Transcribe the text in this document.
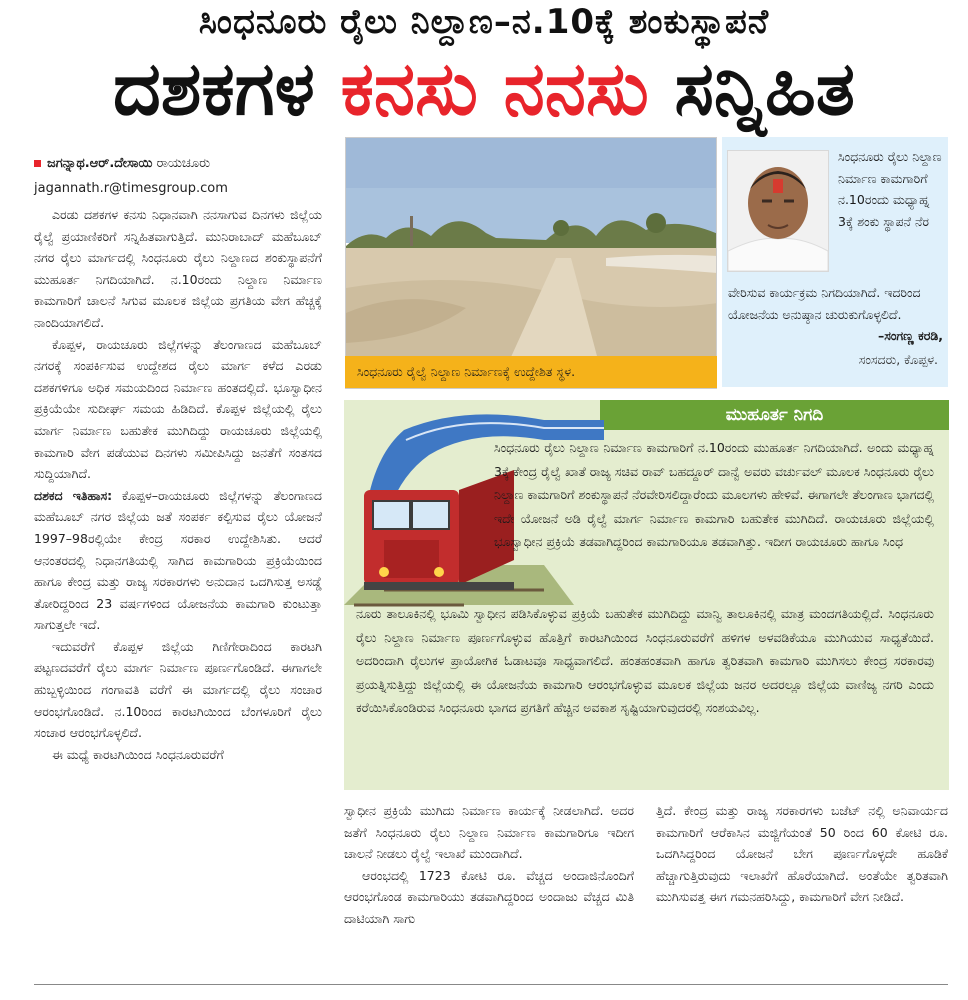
ಸಿಂಧನೂರು ರೈಲು ನಿಲ್ದಾಣ–ನ.10ಕ್ಕೆ ಶಂಕುಸ್ಥಾಪನೆ
ದಶಕಗಳ ಕನಸು ನನಸು ಸನ್ನಿಹಿತ
ಜಗನ್ನಾಥ.ಆರ್.ದೇಸಾಯಿ ರಾಯಚೂರು
jagannath.r@timesgroup.com

ಎರಡು ದಶಕಗಳ ಕನಸು ನಿಧಾನವಾಗಿ ನನಸಾಗುವ ದಿನಗಳು ಜಿಲ್ಲೆಯ ರೈಲ್ವೆ ಪ್ರಯಾಣಿಕರಿಗೆ ಸನ್ನಿಹಿತವಾಗುತ್ತಿದೆ. ಮುನಿರಾಬಾದ್ ಮಹೆಬೂಬ್ ನಗರ ರೈಲು ಮಾರ್ಗದಲ್ಲಿ ಸಿಂಧನೂರು ರೈಲು ನಿಲ್ದಾಣದ ಶಂಕುಸ್ಥಾಪನೆಗೆ ಮುಹೂರ್ತ ನಿಗದಿಯಾಗಿದೆ. ನ.10ರಂದು ನಿಲ್ದಾಣ ನಿರ್ಮಾಣ ಕಾಮಗಾರಿಗೆ ಚಾಲನೆ ಸಿಗುವ ಮೂಲಕ ಜಿಲ್ಲೆಯ ಪ್ರಗತಿಯ ವೇಗ ಹೆಚ್ಚಕ್ಕೆ ನಾಂದಿಯಾಗಲಿದೆ.

ಕೊಪ್ಪಳ, ರಾಯಚೂರು ಜಿಲ್ಲೆಗಳನ್ನು ತೆಲಂಗಾಣದ ಮಹೆಬೂಬ್ ನಗರಕ್ಕೆ ಸಂಪರ್ಕಿಸುವ ಉದ್ದೇಶದ ರೈಲು ಮಾರ್ಗ ಕಳೆದ ಎರಡು ದಶಕಗಳಿಗೂ ಅಧಿಕ ಸಮಯದಿಂದ ನಿರ್ಮಾಣ ಹಂತದಲ್ಲಿದೆ. ಭೂಸ್ವಾಧೀನ ಪ್ರಕ್ರಿಯೆಯೇ ಸುದೀರ್ಘ ಸಮಯ ಹಿಡಿದಿದೆ. ಕೊಪ್ಪಳ ಜಿಲ್ಲೆಯಲ್ಲಿ ರೈಲು ಮಾರ್ಗ ನಿರ್ಮಾಣ ಬಹುತೇಕ ಮುಗಿದಿದ್ದು ರಾಯಚೂರು ಜಿಲ್ಲೆಯಲ್ಲಿ ಕಾಮಗಾರಿ ವೇಗ ಪಡೆಯುವ ದಿನಗಳು ಸಮೀಪಿಸಿದ್ದು ಜನತೆಗೆ ಸಂತಸದ ಸುದ್ದಿಯಾಗಿದೆ.

ದಶಕದ ಇತಿಹಾಸ: ಕೊಪ್ಪಳ–ರಾಯಚೂರು ಜಿಲ್ಲೆಗಳನ್ನು ತೆಲಂಗಾಣದ ಮಹೆಬೂಬ್ ನಗರ ಜಿಲ್ಲೆಯ ಜತೆ ಸಂಪರ್ಕ ಕಲ್ಪಿಸುವ ರೈಲು ಯೋಜನೆ 1997–98ರಲ್ಲಿಯೇ ಕೇಂದ್ರ ಸರಕಾರ ಉದ್ದೇಶಿಸಿತು. ಆದರೆ ಆನಂತರದಲ್ಲಿ ನಿಧಾನಗತಿಯಲ್ಲಿ ಸಾಗಿದ ಕಾಮಗಾರಿಯ ಪ್ರಕ್ರಿಯೆಯಿಂದ ಹಾಗೂ ಕೇಂದ್ರ ಮತ್ತು ರಾಜ್ಯ ಸರಕಾರಗಳು ಅನುದಾನ ಒದಗಿಸುತ್ತ ಅಸಡ್ಡೆ ತೋರಿದ್ದರಿಂದ 23 ವರ್ಷಗಳಿಂದ ಯೋಜನೆಯ ಕಾಮಗಾರಿ ಕುಂಟುತ್ತಾ ಸಾಗುತ್ತಲೇ ಇದೆ.

ಇದುವರೆಗೆ ಕೊಪ್ಪಳ ಜಿಲ್ಲೆಯ ಗಿಣಿಗೇರಾದಿಂದ ಕಾರಟಗಿ ಪಟ್ಟಣದವರೆಗೆ ರೈಲು ಮಾರ್ಗ ನಿರ್ಮಾಣ ಪೂರ್ಣಗೊಂಡಿದೆ. ಈಗಾಗಲೇ ಹುಬ್ಬಳ್ಳಿಯಿಂದ ಗಂಗಾವತಿ ವರೆಗೆ ಈ ಮಾರ್ಗದಲ್ಲಿ ರೈಲು ಸಂಚಾರ ಆರಂಭಗೊಂಡಿದೆ. ನ.10ರಿಂದ ಕಾರಟಗಿಯಿಂದ ಬೆಂಗಳೂರಿಗೆ ರೈಲು ಸಂಚಾರ ಆರಂಭಗೊಳ್ಳಲಿದೆ.

ಈ ಮಧ್ಯೆ ಕಾರಟಗಿಯಿಂದ ಸಿಂಧನೂರುವರೆಗೆ

ಸಿಂಧನೂರು ರೈಲ್ವೆ ನಿಲ್ದಾಣ ನಿರ್ಮಾಣಕ್ಕೆ ಉದ್ದೇಶಿತ ಸ್ಥಳ.
ಸಿಂಧನೂರು ರೈಲು ನಿಲ್ದಾಣ ನಿರ್ಮಾಣ ಕಾಮಗಾರಿಗೆ ನ.10ರಂದು ಮಧ್ಯಾಹ್ನ 3ಕ್ಕೆ ಶಂಕು ಸ್ಥಾಪನೆ ನೆರ
ವೇರಿಸುವ ಕಾರ್ಯಕ್ರಮ ನಿಗದಿಯಾಗಿದೆ. ಇದರಿಂದ ಯೋಜನೆಯ ಅನುಷ್ಠಾನ ಚುರುಕುಗೊಳ್ಳಲಿದೆ.
–ಸಂಗಣ್ಣ ಕರಡಿ,
ಸಂಸದರು, ಕೊಪ್ಪಳ.
ಮುಹೂರ್ತ ನಿಗದಿ
ಸಿಂಧನೂರು ರೈಲು ನಿಲ್ದಾಣ ನಿರ್ಮಾಣ ಕಾಮಗಾರಿಗೆ ನ.10ರಂದು ಮುಹೂರ್ತ ನಿಗದಿಯಾಗಿದೆ. ಅಂದು ಮಧ್ಯಾಹ್ನ 3ಕ್ಕೆ ಕೇಂದ್ರ ರೈಲ್ವೆ ಖಾತೆ ರಾಜ್ಯ ಸಚಿವ ರಾವ್ ಬಹದ್ದೂರ್ ದಾನ್ವೆ ಅವರು ವರ್ಚುವಲ್ ಮೂಲಕ ಸಿಂಧನೂರು ರೈಲು ನಿಲ್ದಾಣ ಕಾಮಗಾರಿಗೆ ಶಂಕುಸ್ಥಾಪನೆ ನೆರವೇರಿಸಲಿದ್ದಾರೆಂದು ಮೂಲಗಳು ಹೇಳಿವೆ. ಈಗಾಗಲೇ ತೆಲಂಗಾಣ ಭಾಗದಲ್ಲಿ ಇದೇ ಯೋಜನೆ ಅಡಿ ರೈಲ್ವೆ ಮಾರ್ಗ ನಿರ್ಮಾಣ ಕಾಮಗಾರಿ ಬಹುತೇಕ ಮುಗಿದಿದೆ. ರಾಯಚೂರು ಜಿಲ್ಲೆಯಲ್ಲಿ ಭೂಸ್ವಾಧೀನ ಪ್ರಕ್ರಿಯೆ ತಡವಾಗಿದ್ದರಿಂದ ಕಾಮಗಾರಿಯೂ ತಡವಾಗಿತ್ತು. ಇದೀಗ ರಾಯಚೂರು ಹಾಗೂ ಸಿಂಧ
ನೂರು ತಾಲೂಕಿನಲ್ಲಿ ಭೂಮಿ ಸ್ವಾಧೀನ ಪಡಿಸಿಕೊಳ್ಳುವ ಪ್ರಕ್ರಿಯೆ ಬಹುತೇಕ ಮುಗಿದಿದ್ದು ಮಾನ್ವಿ ತಾಲೂಕಿನಲ್ಲಿ ಮಾತ್ರ ಮಂದಗತಿಯಲ್ಲಿದೆ. ಸಿಂಧನೂರು ರೈಲು ನಿಲ್ದಾಣ ನಿರ್ಮಾಣ ಪೂರ್ಣಗೊಳ್ಳುವ ಹೊತ್ತಿಗೆ ಕಾರಟಗಿಯಿಂದ ಸಿಂಧನೂರುವರೆಗೆ ಹಳಿಗಳ ಅಳವಡಿಕೆಯೂ ಮುಗಿಯುವ ಸಾಧ್ಯತೆಯಿದೆ. ಅದರಿಂದಾಗಿ ರೈಲುಗಳ ಪ್ರಾಯೋಗಿಕ ಓಡಾಟವೂ ಸಾಧ್ಯವಾಗಲಿದೆ. ಹಂತಹಂತವಾಗಿ ಹಾಗೂ ತ್ವರಿತವಾಗಿ ಕಾಮಗಾರಿ ಮುಗಿಸಲು ಕೇಂದ್ರ ಸರಕಾರವು ಪ್ರಯತ್ನಿಸುತ್ತಿದ್ದು ಜಿಲ್ಲೆಯಲ್ಲಿ ಈ ಯೋಜನೆಯ ಕಾಮಗಾರಿ ಆರಂಭಗೊಳ್ಳುವ ಮೂಲಕ ಜಿಲ್ಲೆಯ ಜನರ ಅದರಲ್ಲೂ ಜಿಲ್ಲೆಯ ವಾಣಿಜ್ಯ ನಗರಿ ಎಂದು ಕರೆಯಿಸಿಕೊಂಡಿರುವ ಸಿಂಧನೂರು ಭಾಗದ ಪ್ರಗತಿಗೆ ಹೆಚ್ಚಿನ ಅವಕಾಶ ಸೃಷ್ಟಿಯಾಗುವುದರಲ್ಲಿ ಸಂಶಯವಿಲ್ಲ.

ಸ್ವಾಧೀನ ಪ್ರಕ್ರಿಯೆ ಮುಗಿದು ನಿರ್ಮಾಣ ಕಾರ್ಯಕ್ಕೆ ನೀಡಲಾಗಿದೆ. ಅದರ ಜತೆಗೆ ಸಿಂಧನೂರು ರೈಲು ನಿಲ್ದಾಣ ನಿರ್ಮಾಣ ಕಾಮಗಾರಿಗೂ ಇದೀಗ ಚಾಲನೆ ನೀಡಲು ರೈಲ್ವೆ ಇಲಾಖೆ ಮುಂದಾಗಿದೆ.

ಆರಂಭದಲ್ಲಿ 1723 ಕೋಟಿ ರೂ. ವೆಚ್ಚದ ಅಂದಾಜಿನೊಂದಿಗೆ ಆರಂಭಗೊಂಡ ಕಾಮಗಾರಿಯು ತಡವಾಗಿದ್ದರಿಂದ ಅಂದಾಜು ವೆಚ್ಚದ ಮಿತಿ ದಾಟಿಯಾಗಿ ಸಾಗು

ತ್ತಿದೆ. ಕೇಂದ್ರ ಮತ್ತು ರಾಜ್ಯ ಸರಕಾರಗಳು ಬಜೆಟ್ ನಲ್ಲಿ ಅನಿವಾರ್ಯದ ಕಾಮಗಾರಿಗೆ ಆರೆಕಾಸಿನ ಮಜ್ಜಿಗೆಯಂತೆ 50 ರಿಂದ 60 ಕೋಟಿ ರೂ. ಒದಗಿಸಿದ್ದರಿಂದ ಯೋಜನೆ ಬೇಗ ಪೂರ್ಣಗೊಳ್ಳದೇ ಹೂಡಿಕೆ ಹೆಚ್ಚಾಗುತ್ತಿರುವುದು ಇಲಾಖೆಗೆ ಹೊರೆಯಾಗಿದೆ. ಅಂತೆಯೇ ತ್ವರಿತವಾಗಿ ಮುಗಿಸುವತ್ತ ಈಗ ಗಮನಹರಿಸಿದ್ದು, ಕಾಮಗಾರಿಗೆ ವೇಗ ನೀಡಿದೆ.
